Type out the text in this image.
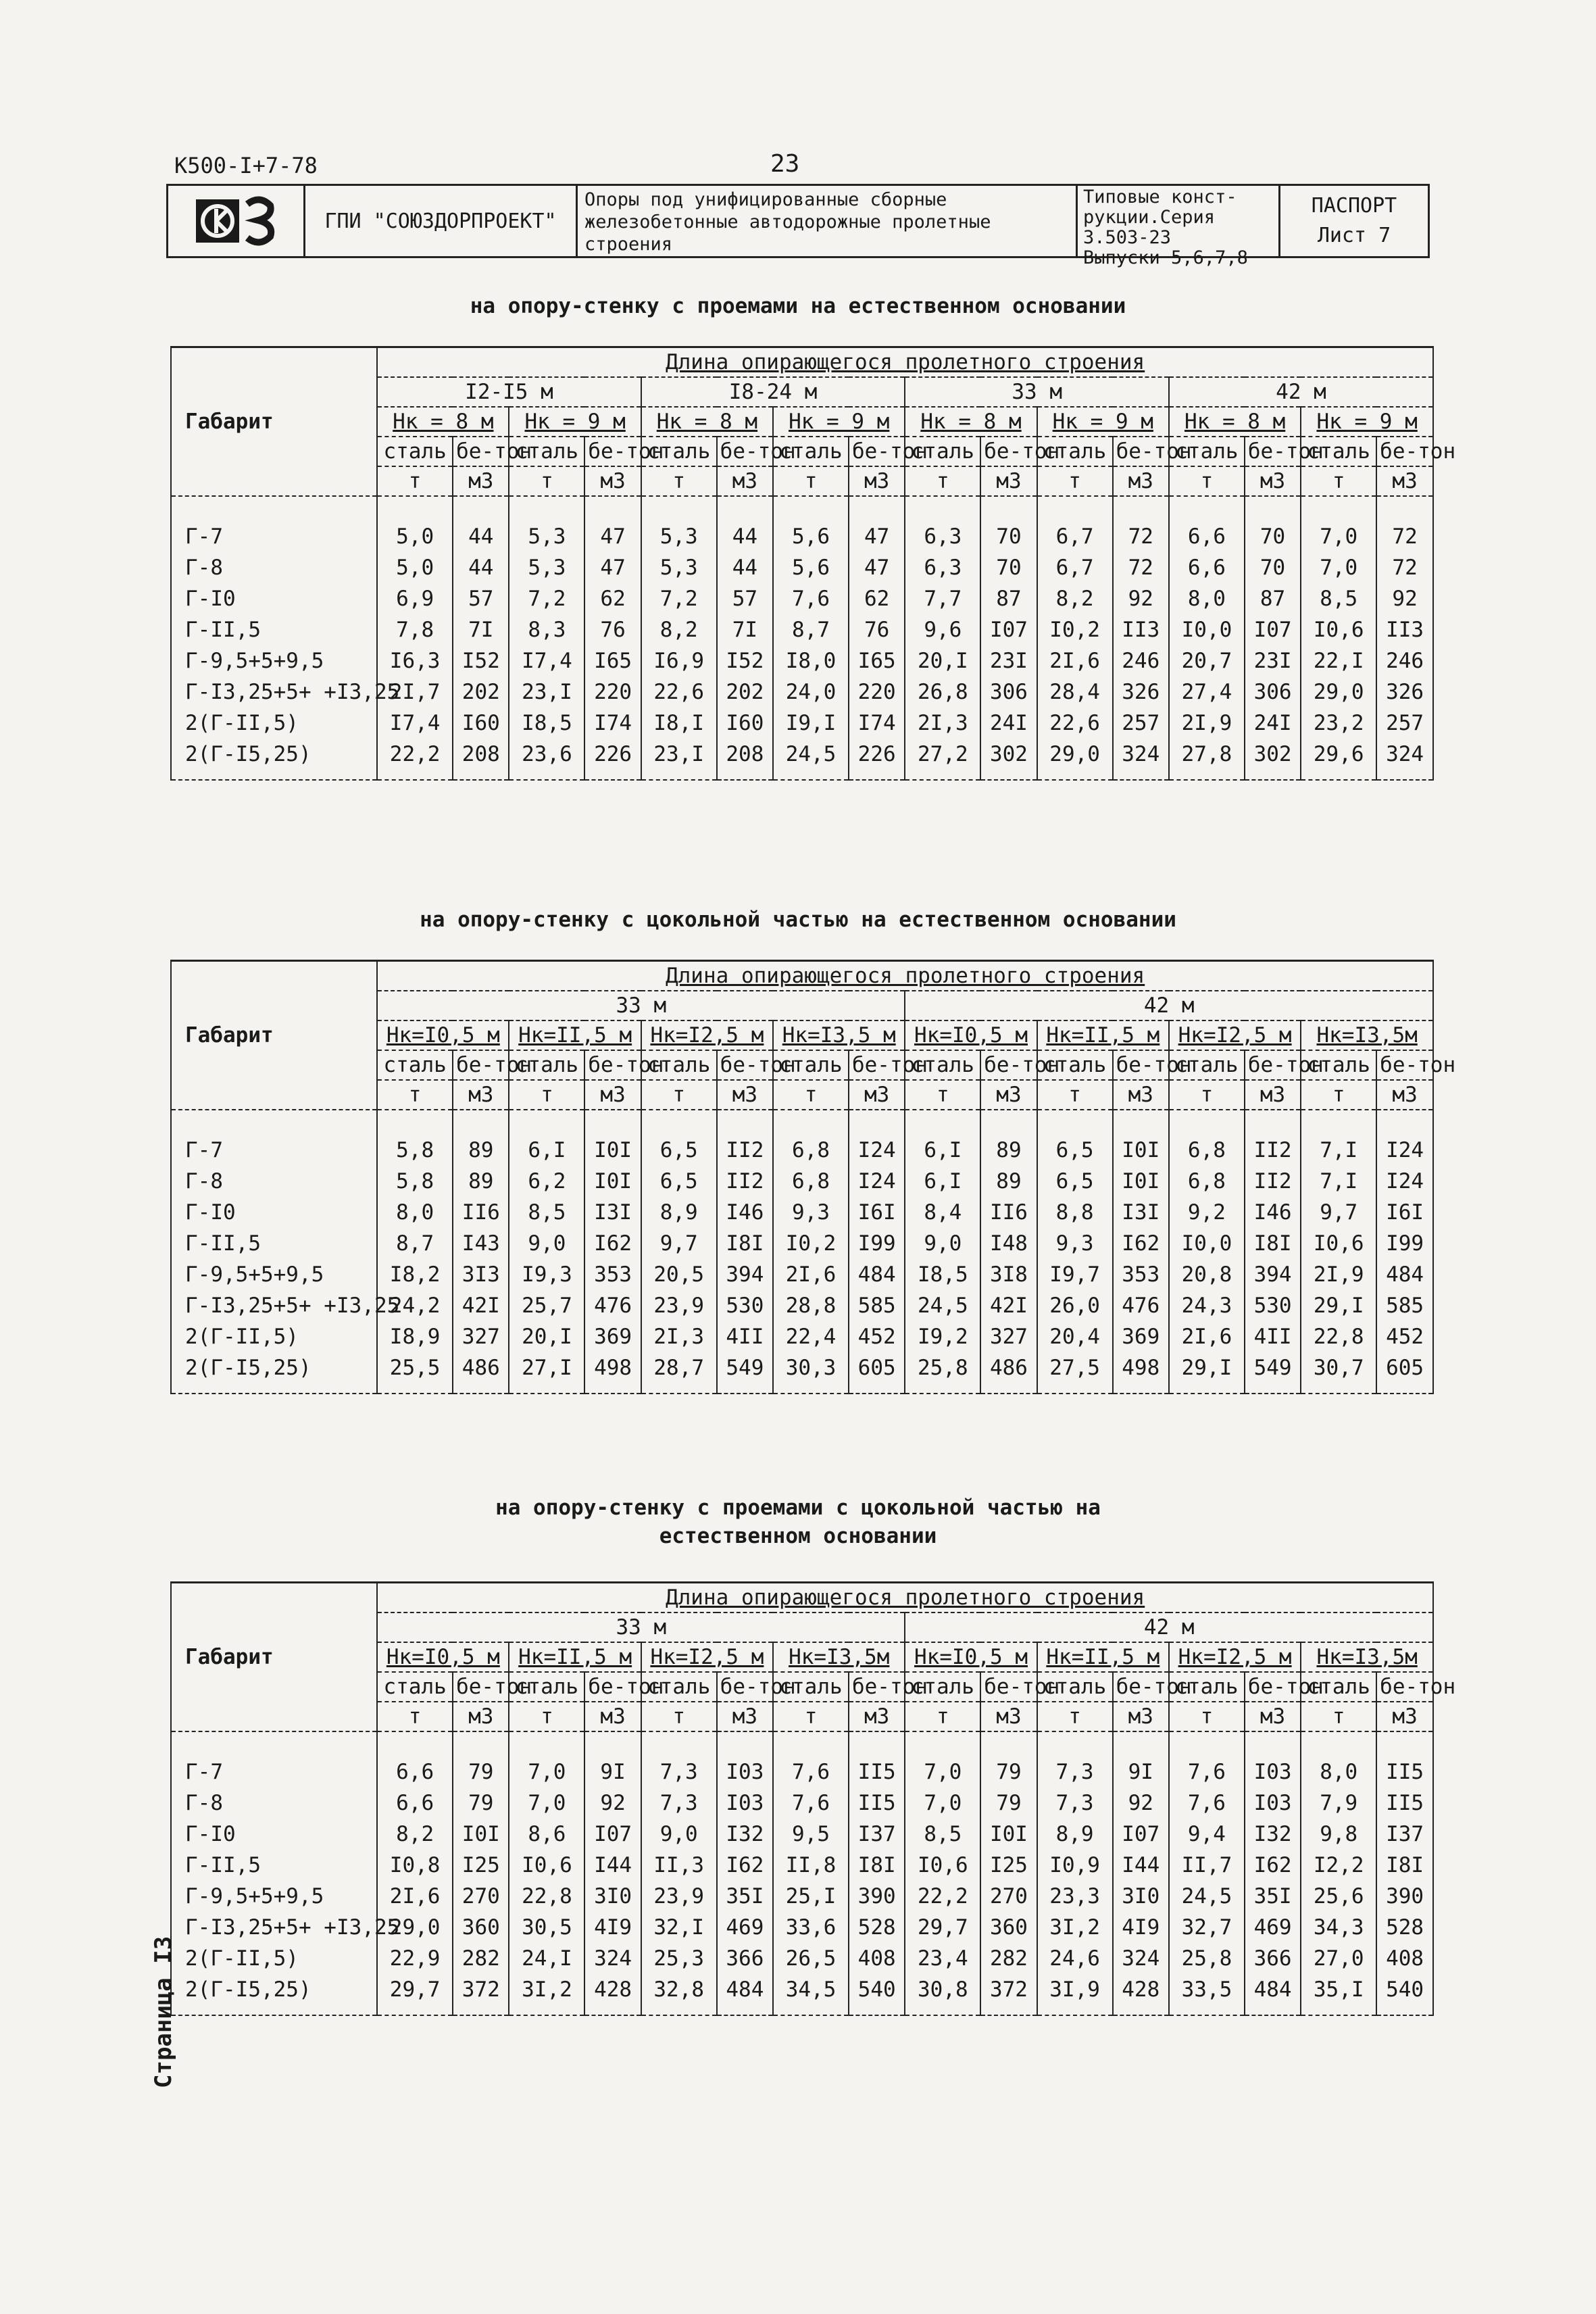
К500-I+7-78	23
ГПИ "СОЮЗДОРПРОЕКТ"
Опоры под унифицированные сборные железобетонные автодорожные пролетные строения
Типовые конст-
рукции.Серия
3.503-23
Выпуски 5,6,7,8
ПАСПОРТ
Лист 7
на опору-стенку с проемами на естественном основании
Габарит	Длина опирающегося пролетного строения															
	I2-I5 м				I8-24 м				33 м				42 м			
	Нк = 8 м		Нк = 9 м		Нк = 8 м		Нк = 9 м		Нк = 8 м		Нк = 9 м		Нк = 8 м		Нк = 9 м	
	сталь	бе-тон	сталь	бе-тон	сталь	бе-тон	сталь	бе-тон	сталь	бе-тон	сталь	бе-тон	сталь	бе-тон	сталь	бе-тон
	т	м3	т	м3	т	м3	т	м3	т	м3	т	м3	т	м3	т	м3
Г-7	5,0	44	5,3	47	5,3	44	5,6	47	6,3	70	6,7	72	6,6	70	7,0	72
Г-8	5,0	44	5,3	47	5,3	44	5,6	47	6,3	70	6,7	72	6,6	70	7,0	72
Г-I0	6,9	57	7,2	62	7,2	57	7,6	62	7,7	87	8,2	92	8,0	87	8,5	92
Г-II,5	7,8	7I	8,3	76	8,2	7I	8,7	76	9,6	I07	I0,2	II3	I0,0	I07	I0,6	II3
Г-9,5+5+9,5	I6,3	I52	I7,4	I65	I6,9	I52	I8,0	I65	20,I	23I	2I,6	246	20,7	23I	22,I	246
Г-I3,25+5+ +I3,25	2I,7	202	23,I	220	22,6	202	24,0	220	26,8	306	28,4	326	27,4	306	29,0	326
2(Г-II,5)	I7,4	I60	I8,5	I74	I8,I	I60	I9,I	I74	2I,3	24I	22,6	257	2I,9	24I	23,2	257
2(Г-I5,25)	22,2	208	23,6	226	23,I	208	24,5	226	27,2	302	29,0	324	27,8	302	29,6	324
на опору-стенку с цокольной частью на естественном основании
Габарит	Длина опирающегося пролетного строения															
	33 м								42 м							
	Нк=I0,5 м		Нк=II,5 м		Нк=I2,5 м		Нк=I3,5 м		Нк=I0,5 м		Нк=II,5 м		Нк=I2,5 м		Нк=I3,5м	
	сталь	бе-тон	сталь	бе-тон	сталь	бе-тон	сталь	бе-тон	сталь	бе-тон	сталь	бе-тон	сталь	бе-тон	сталь	бе-тон
	т	м3	т	м3	т	м3	т	м3	т	м3	т	м3	т	м3	т	м3
Г-7	5,8	89	6,I	I0I	6,5	II2	6,8	I24	6,I	89	6,5	I0I	6,8	II2	7,I	I24
Г-8	5,8	89	6,2	I0I	6,5	II2	6,8	I24	6,I	89	6,5	I0I	6,8	II2	7,I	I24
Г-I0	8,0	II6	8,5	I3I	8,9	I46	9,3	I6I	8,4	II6	8,8	I3I	9,2	I46	9,7	I6I
Г-II,5	8,7	I43	9,0	I62	9,7	I8I	I0,2	I99	9,0	I48	9,3	I62	I0,0	I8I	I0,6	I99
Г-9,5+5+9,5	I8,2	3I3	I9,3	353	20,5	394	2I,6	484	I8,5	3I8	I9,7	353	20,8	394	2I,9	484
Г-I3,25+5+ +I3,25	24,2	42I	25,7	476	23,9	530	28,8	585	24,5	42I	26,0	476	24,3	530	29,I	585
2(Г-II,5)	I8,9	327	20,I	369	2I,3	4II	22,4	452	I9,2	327	20,4	369	2I,6	4II	22,8	452
2(Г-I5,25)	25,5	486	27,I	498	28,7	549	30,3	605	25,8	486	27,5	498	29,I	549	30,7	605
на опору-стенку с проемами с цокольной частью на
естественном основании
Габарит	Длина опирающегося пролетного строения															
	33 м								42 м							
	Нк=I0,5 м		Нк=II,5 м		Нк=I2,5 м		Нк=I3,5м		Нк=I0,5 м		Нк=II,5 м		Нк=I2,5 м		Нк=I3,5м	
	сталь	бе-тон	сталь	бе-тон	сталь	бе-тон	сталь	бе-тон	сталь	бе-тон	сталь	бе-тон	сталь	бе-тон	сталь	бе-тон
	т	м3	т	м3	т	м3	т	м3	т	м3	т	м3	т	м3	т	м3
Г-7	6,6	79	7,0	9I	7,3	I03	7,6	II5	7,0	79	7,3	9I	7,6	I03	8,0	II5
Г-8	6,6	79	7,0	92	7,3	I03	7,6	II5	7,0	79	7,3	92	7,6	I03	7,9	II5
Г-I0	8,2	I0I	8,6	I07	9,0	I32	9,5	I37	8,5	I0I	8,9	I07	9,4	I32	9,8	I37
Г-II,5	I0,8	I25	I0,6	I44	II,3	I62	II,8	I8I	I0,6	I25	I0,9	I44	II,7	I62	I2,2	I8I
Г-9,5+5+9,5	2I,6	270	22,8	3I0	23,9	35I	25,I	390	22,2	270	23,3	3I0	24,5	35I	25,6	390
Г-I3,25+5+ +I3,25	29,0	360	30,5	4I9	32,I	469	33,6	528	29,7	360	3I,2	4I9	32,7	469	34,3	528
2(Г-II,5)	22,9	282	24,I	324	25,3	366	26,5	408	23,4	282	24,6	324	25,8	366	27,0	408
2(Г-I5,25)	29,7	372	3I,2	428	32,8	484	34,5	540	30,8	372	3I,9	428	33,5	484	35,I	540
Страница I3
